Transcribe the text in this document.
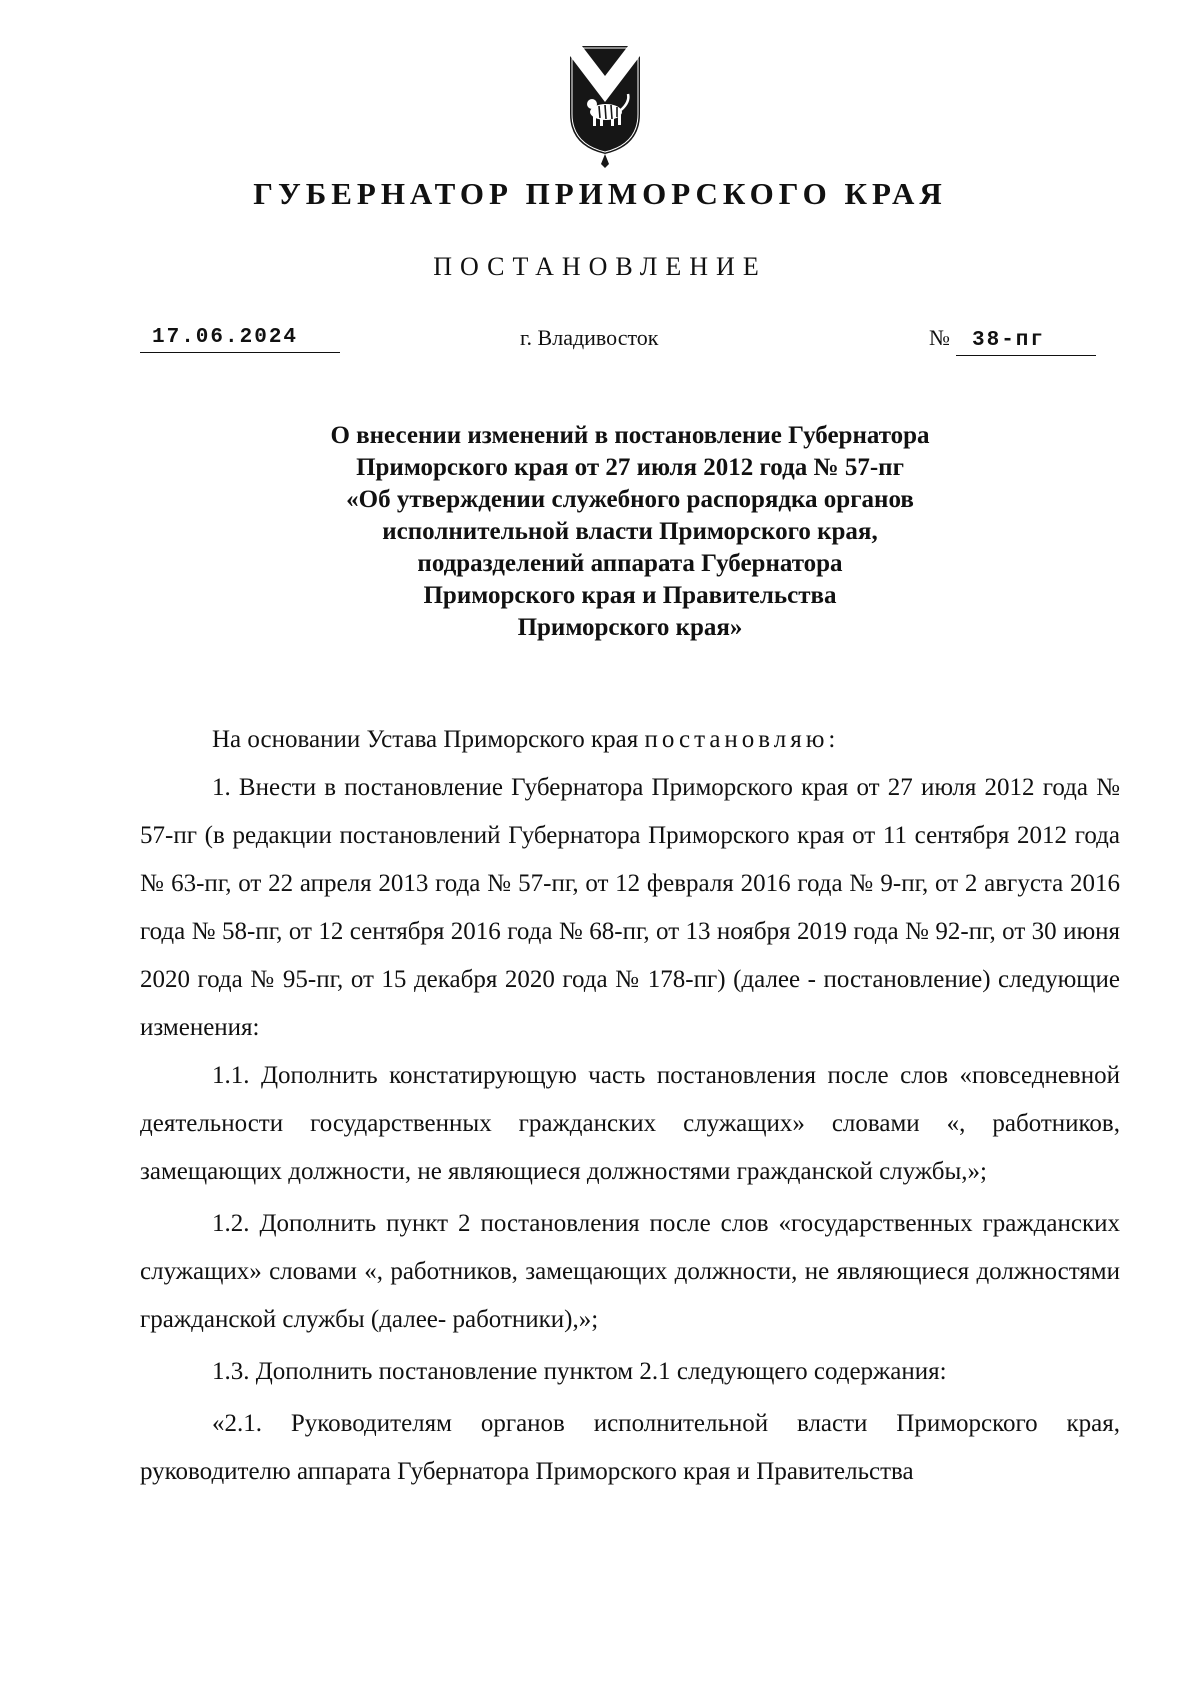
ГУБЕРНАТОР ПРИМОРСКОГО КРАЯ
ПОСТАНОВЛЕНИЕ
17.06.2024	г. Владивосток	№ 38-пг
О внесении изменений в постановление Губернатора
Приморского края от 27 июля 2012 года № 57-пг
«Об утверждении служебного распорядка органов
исполнительной власти Приморского края,
подразделений аппарата Губернатора
Приморского края и Правительства
Приморского края»

На основании Устава Приморского края постановляю:

1. Внести в постановление Губернатора Приморского края от 27 июля 2012 года № 57-пг (в редакции постановлений Губернатора Приморского края от 11 сентября 2012 года № 63-пг, от 22 апреля 2013 года № 57-пг, от 12 февраля 2016 года № 9-пг, от 2 августа 2016 года № 58-пг, от 12 сентября 2016 года № 68-пг, от 13 ноября 2019 года № 92-пг, от 30 июня 2020 года № 95-пг, от 15 декабря 2020 года № 178-пг) (далее - постановление) следующие изменения:

1.1. Дополнить констатирующую часть постановления после слов «повседневной деятельности государственных гражданских служащих» словами «, работников, замещающих должности, не являющиеся должностями гражданской службы,»;

1.2. Дополнить пункт 2 постановления после слов «государственных гражданских служащих» словами «, работников, замещающих должности, не являющиеся должностями гражданской службы (далее- работники),»;

1.3. Дополнить постановление пунктом 2.1 следующего содержания:

«2.1. Руководителям органов исполнительной власти Приморского края, руководителю аппарата Губернатора Приморского края и Правительства
